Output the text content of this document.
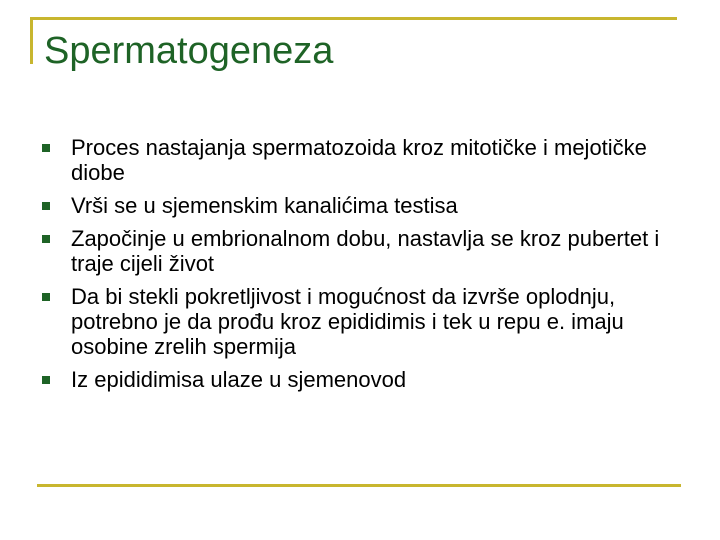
Spermatogeneza
Proces nastajanja spermatozoida kroz mitotičke i mejotičke diobe
Vrši se u sjemenskim kanalićima testisa
Započinje u embrionalnom dobu, nastavlja se kroz pubertet i traje cijeli život
Da bi stekli pokretljivost i mogućnost da izvrše oplodnju, potrebno je da prođu kroz epididimis i tek u repu e. imaju osobine zrelih spermija
Iz epididimisa ulaze u sjemenovod
